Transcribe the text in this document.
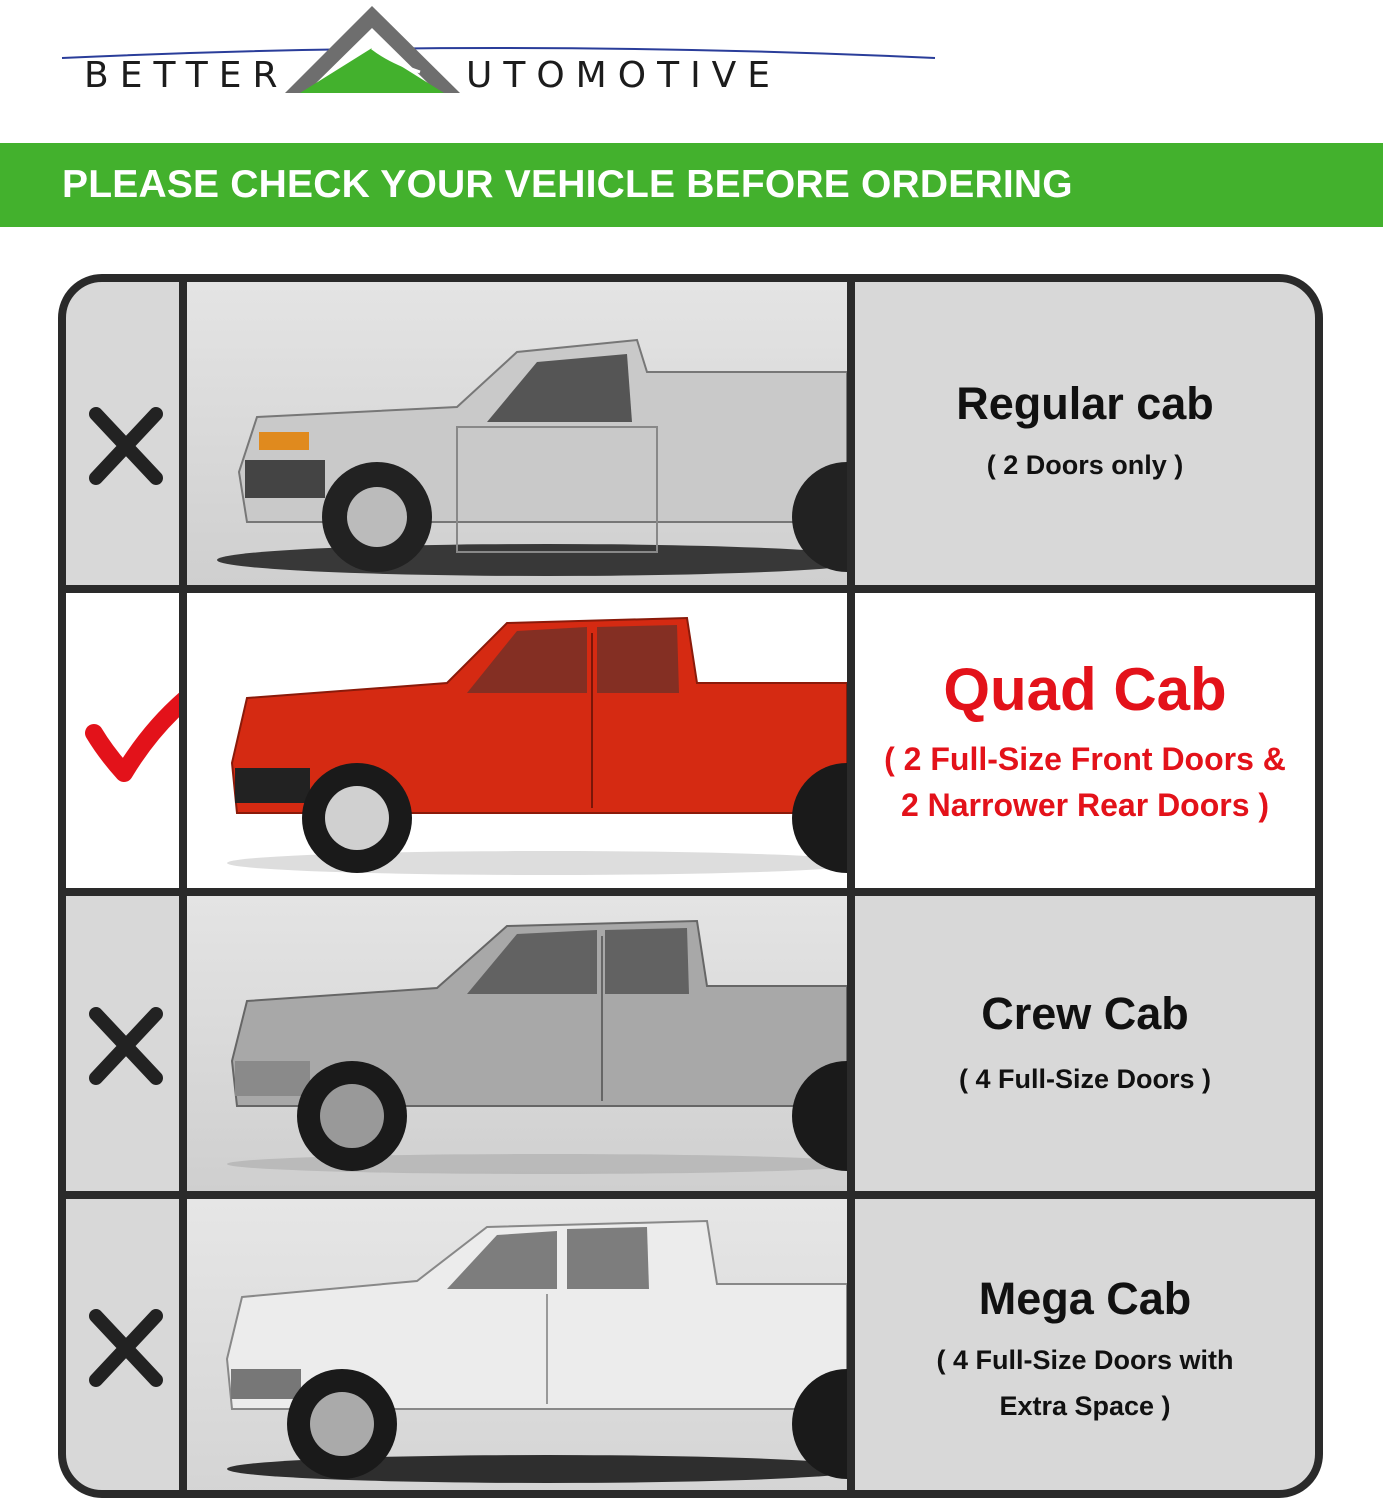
BETTER	UTOMOTIVE
PLEASE CHECK YOUR VEHICLE BEFORE ORDERING
Regular cab
( 2 Doors only )
Quad Cab
( 2 Full-Size Front Doors &
2 Narrower Rear Doors )
Crew Cab
( 4 Full-Size Doors )
Mega Cab
( 4 Full-Size Doors with
Extra Space )
